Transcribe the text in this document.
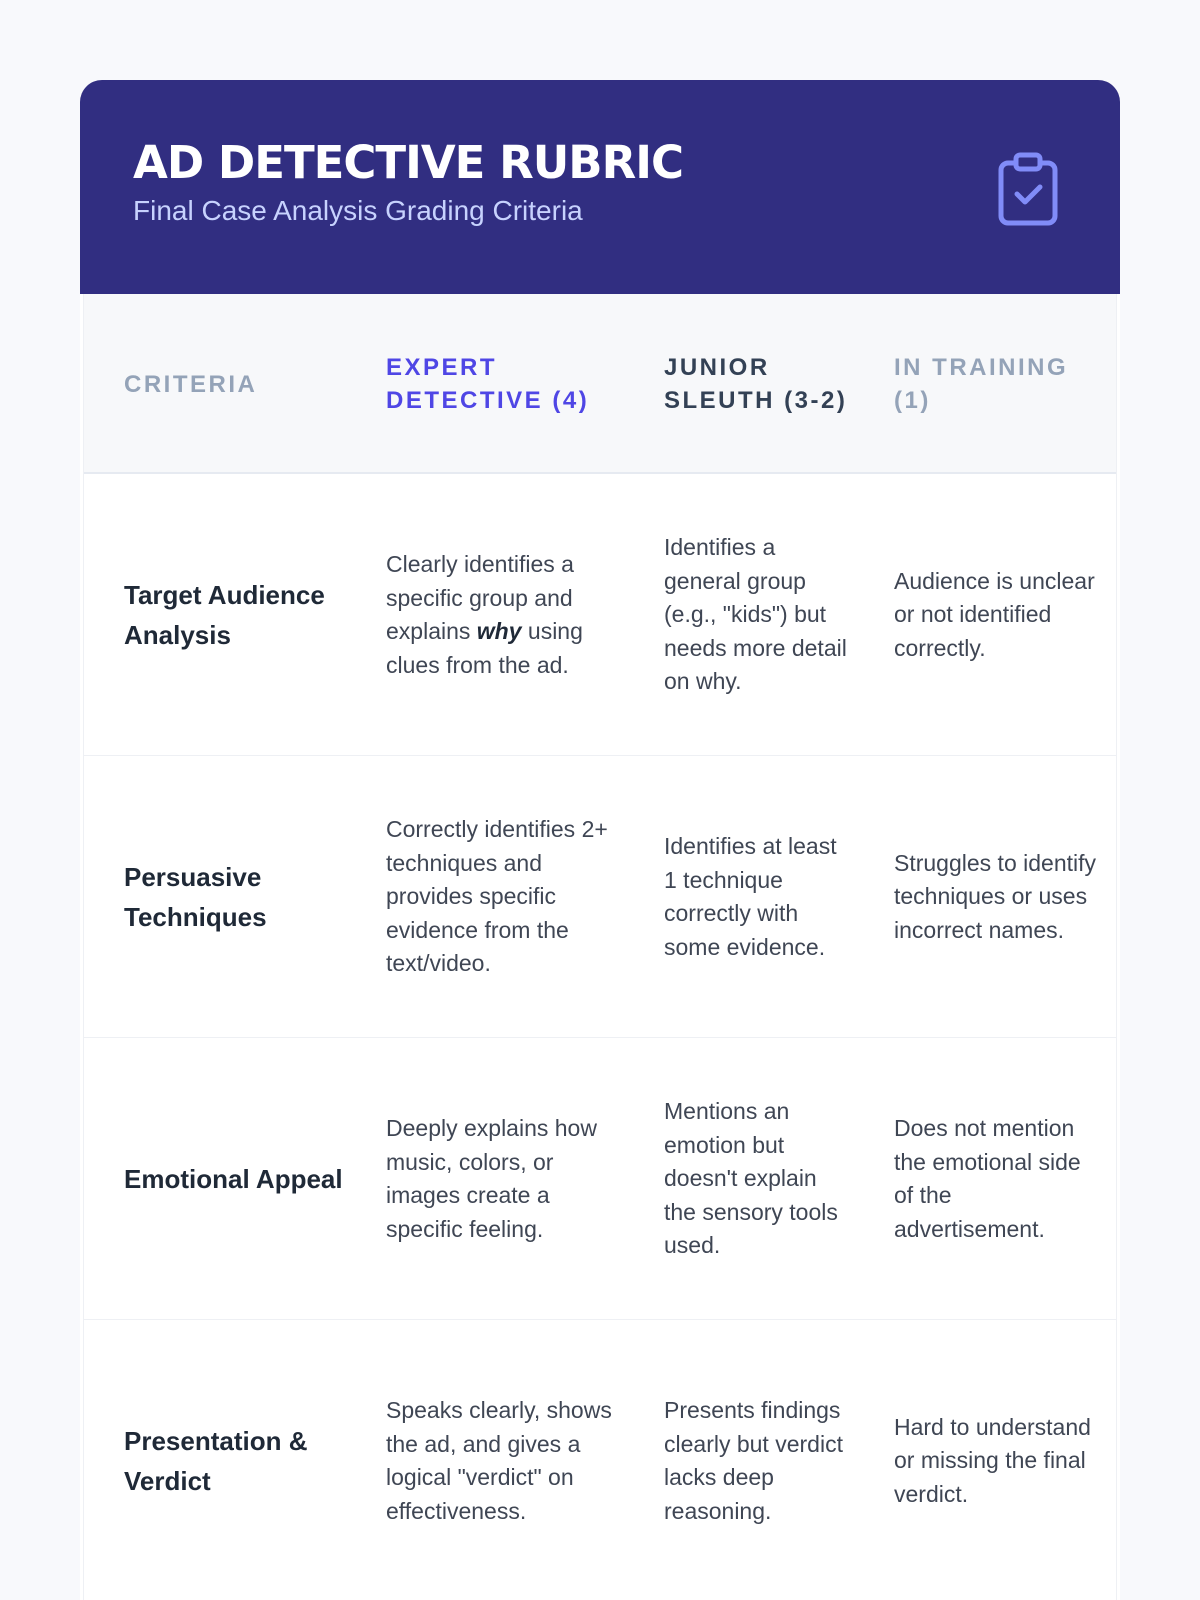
AD DETECTIVE RUBRIC
Final Case Analysis Grading Criteria
CRITERIA
EXPERT DETECTIVE (4)
JUNIOR SLEUTH (3-2)
IN TRAINING (1)
Target Audience Analysis
Clearly identifies a specific group and explains why using clues from the ad.
Identifies a general group (e.g., "kids") but needs more detail on why.
Audience is unclear or not identified correctly.
Persuasive Techniques
Correctly identifies 2+ techniques and provides specific evidence from the text/video.
Identifies at least 1 technique correctly with some evidence.
Struggles to identify techniques or uses incorrect names.
Emotional Appeal
Deeply explains how music, colors, or images create a specific feeling.
Mentions an emotion but doesn't explain the sensory tools used.
Does not mention the emotional side of the advertisement.
Presentation & Verdict
Speaks clearly, shows the ad, and gives a logical "verdict" on effectiveness.
Presents findings clearly but verdict lacks deep reasoning.
Hard to understand or missing the final verdict.
